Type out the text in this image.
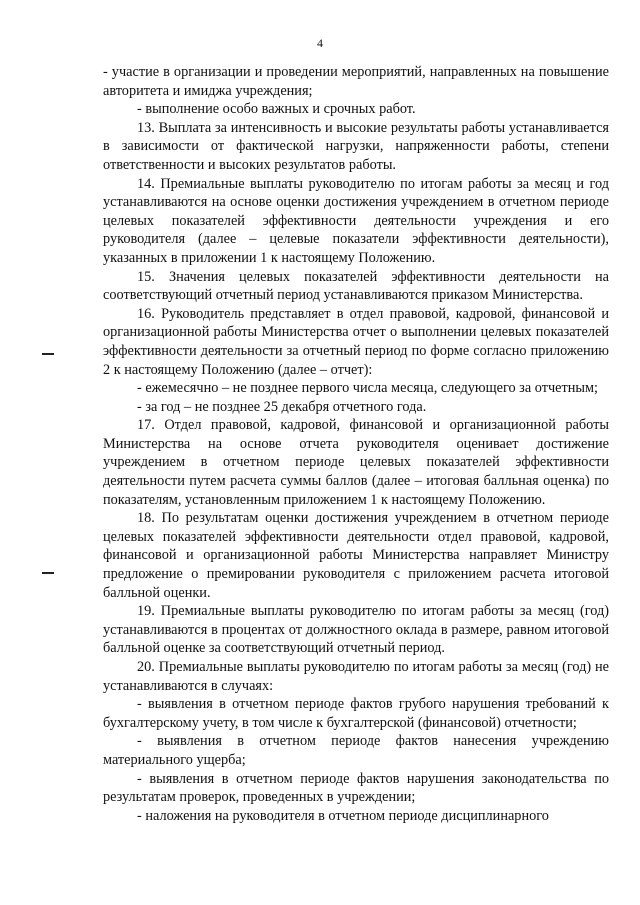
4

- участие в организации и проведении мероприятий, направленных на повышение авторитета и имиджа учреждения;

- выполнение особо важных и срочных работ.

13. Выплата за интенсивность и высокие результаты работы устанавливается в зависимости от фактической нагрузки, напряженности работы, степени ответственности и высоких результатов работы.

14. Премиальные выплаты руководителю по итогам работы за месяц и год устанавливаются на основе оценки достижения учреждением в отчетном периоде целевых показателей эффективности деятельности учреждения и его руководителя (далее – целевые показатели эффективности деятельности), указанных в приложении 1 к настоящему Положению.

15. Значения целевых показателей эффективности деятельности на соответствующий отчетный период устанавливаются приказом Министерства.

16. Руководитель представляет в отдел правовой, кадровой, финансовой и организационной работы Министерства отчет о выполнении целевых показателей эффективности деятельности за отчетный период по форме согласно приложению 2 к настоящему Положению (далее – отчет):

- ежемесячно – не позднее первого числа месяца, следующего за отчетным;

- за год – не позднее 25 декабря отчетного года.

17. Отдел правовой, кадровой, финансовой и организационной работы Министерства на основе отчета руководителя оценивает достижение учреждением в отчетном периоде целевых показателей эффективности деятельности путем расчета суммы баллов (далее – итоговая балльная оценка) по показателям, установленным приложением 1 к настоящему Положению.

18. По результатам оценки достижения учреждением в отчетном периоде целевых показателей эффективности деятельности отдел правовой, кадровой, финансовой и организационной работы Министерства направляет Министру предложение о премировании руководителя с приложением расчета итоговой балльной оценки.

19. Премиальные выплаты руководителю по итогам работы за месяц (год) устанавливаются в процентах от должностного оклада в размере, равном итоговой балльной оценке за соответствующий отчетный период.

20. Премиальные выплаты руководителю по итогам работы за месяц (год) не устанавливаются в случаях:

- выявления в отчетном периоде фактов грубого нарушения требований к бухгалтерскому учету, в том числе к бухгалтерской (финансовой) отчетности;

- выявления в отчетном периоде фактов нанесения учреждению материального ущерба;

- выявления в отчетном периоде фактов нарушения законодательства по результатам проверок, проведенных в учреждении;

- наложения на руководителя в отчетном периоде дисциплинарного
